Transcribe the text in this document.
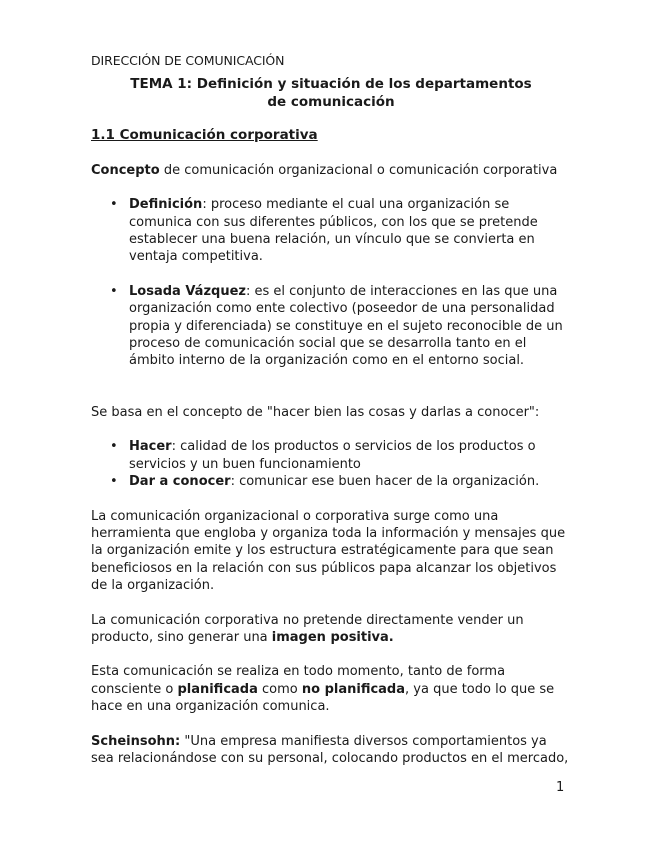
DIRECCIÓN DE COMUNICACIÓN

TEMA 1: Definición y situación de los departamentos de comunicación

1.1 Comunicación corporativa

Concepto de comunicación organizacional o comunicación corporativa

• Definición: proceso mediante el cual una organización se comunica con sus diferentes públicos, con los que se pretende establecer una buena relación, un vínculo que se convierta en ventaja competitiva.
• Losada Vázquez: es el conjunto de interacciones en las que una organización como ente colectivo (poseedor de una personalidad propia y diferenciada) se constituye en el sujeto reconocible de un proceso de comunicación social que se desarrolla tanto en el ámbito interno de la organización como en el entorno social.

Se basa en el concepto de "hacer bien las cosas y darlas a conocer":

• Hacer: calidad de los productos o servicios de los productos o servicios y un buen funcionamiento
• Dar a conocer: comunicar ese buen hacer de la organización.

La comunicación organizacional o corporativa surge como una herramienta que engloba y organiza toda la información y mensajes que la organización emite y los estructura estratégicamente para que sean beneficiosos en la relación con sus públicos papa alcanzar los objetivos de la organización.

La comunicación corporativa no pretende directamente vender un producto, sino generar una imagen positiva.

Esta comunicación se realiza en todo momento, tanto de forma consciente o planificada como no planificada, ya que todo lo que se hace en una organización comunica.

Scheinsohn: "Una empresa manifiesta diversos comportamientos ya sea relacionándose con su personal, colocando productos en el mercado,

1
